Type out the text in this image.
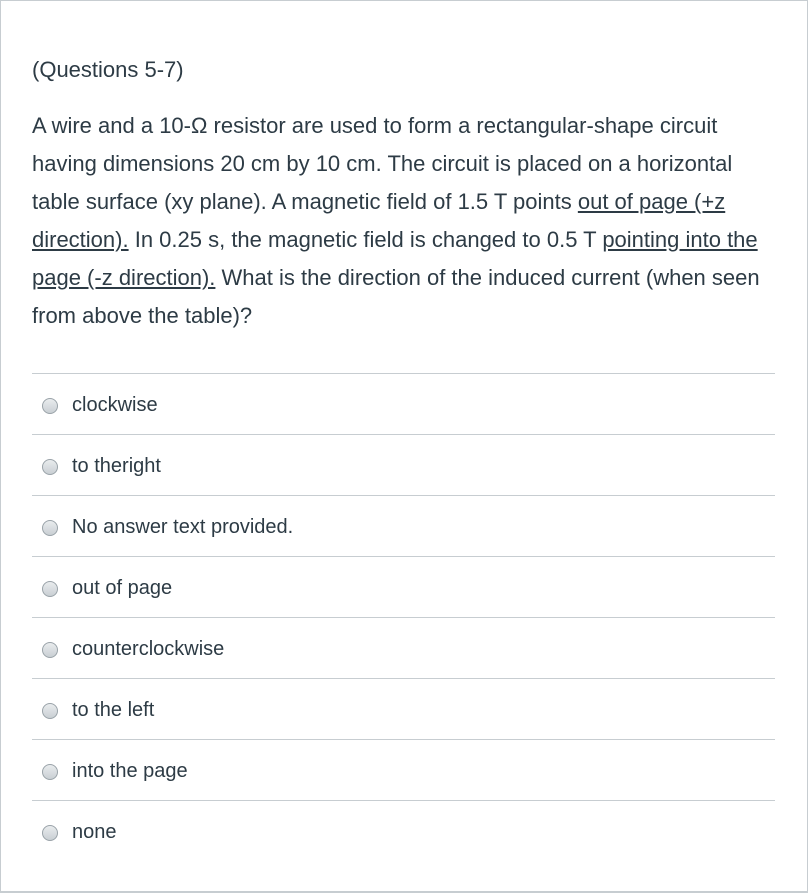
(Questions 5-7)
A wire and a 10-Ω resistor are used to form a rectangular-shape circuit having dimensions 20 cm by 10 cm. The circuit is placed on a horizontal table surface (xy plane). A magnetic field of 1.5 T points out of page (+z direction). In 0.25 s, the magnetic field is changed to 0.5 T pointing into the page (-z direction). What is the direction of the induced current (when seen from above the table)?
clockwise
to theright
No answer text provided.
out of page
counterclockwise
to the left
into the page
none
